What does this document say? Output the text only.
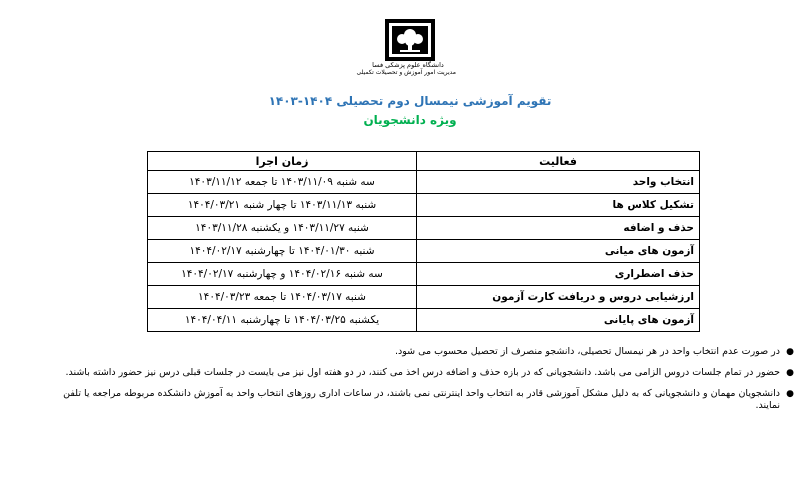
دانشگاه علوم پزشکی فسا
مدیریت امور آموزش و تحصیلات تکمیلی
تقویم آموزشی نیمسال دوم تحصیلی ۱۴۰۴-۱۴۰۳
ویژه دانشجویان
فعالیت	زمان اجرا
انتخاب واحد	سه شنبه ۱۴۰۳/۱۱/۰۹ تا جمعه ۱۴۰۳/۱۱/۱۲
تشکیل کلاس ها	شنبه ۱۴۰۳/۱۱/۱۳ تا چهار شنبه ۱۴۰۴/۰۳/۲۱
حذف و اضافه	شنبه ۱۴۰۳/۱۱/۲۷ و یکشنبه ۱۴۰۳/۱۱/۲۸
آزمون های میانی	شنبه ۱۴۰۴/۰۱/۳۰ تا چهارشنبه ۱۴۰۴/۰۲/۱۷
حذف اضطراری	سه شنبه ۱۴۰۴/۰۲/۱۶ و چهارشنبه ۱۴۰۴/۰۲/۱۷
ارزشیابی دروس و دریافت کارت آزمون	شنبه ۱۴۰۴/۰۳/۱۷ تا جمعه ۱۴۰۴/۰۳/۲۳
آزمون های پایانی	یکشنبه ۱۴۰۴/۰۳/۲۵ تا چهارشنبه ۱۴۰۴/۰۴/۱۱
●
در صورت عدم انتخاب واحد در هر نیمسال تحصیلی، دانشجو منصرف از تحصیل محسوب می شود.
●
حضور در تمام جلسات دروس الزامی می باشد. دانشجویانی که در بازه حذف و اضافه درس اخذ می کنند، در دو هفته اول نیز می بایست در جلسات قبلی درس نیز حضور داشته باشند.
●
دانشجویان مهمان و دانشجویانی که به دلیل مشکل آموزشی قادر به انتخاب واحد اینترنتی نمی باشند، در ساعات اداری روزهای انتخاب واحد به آموزش دانشکده مربوطه مراجعه یا تلفن نمایند.
